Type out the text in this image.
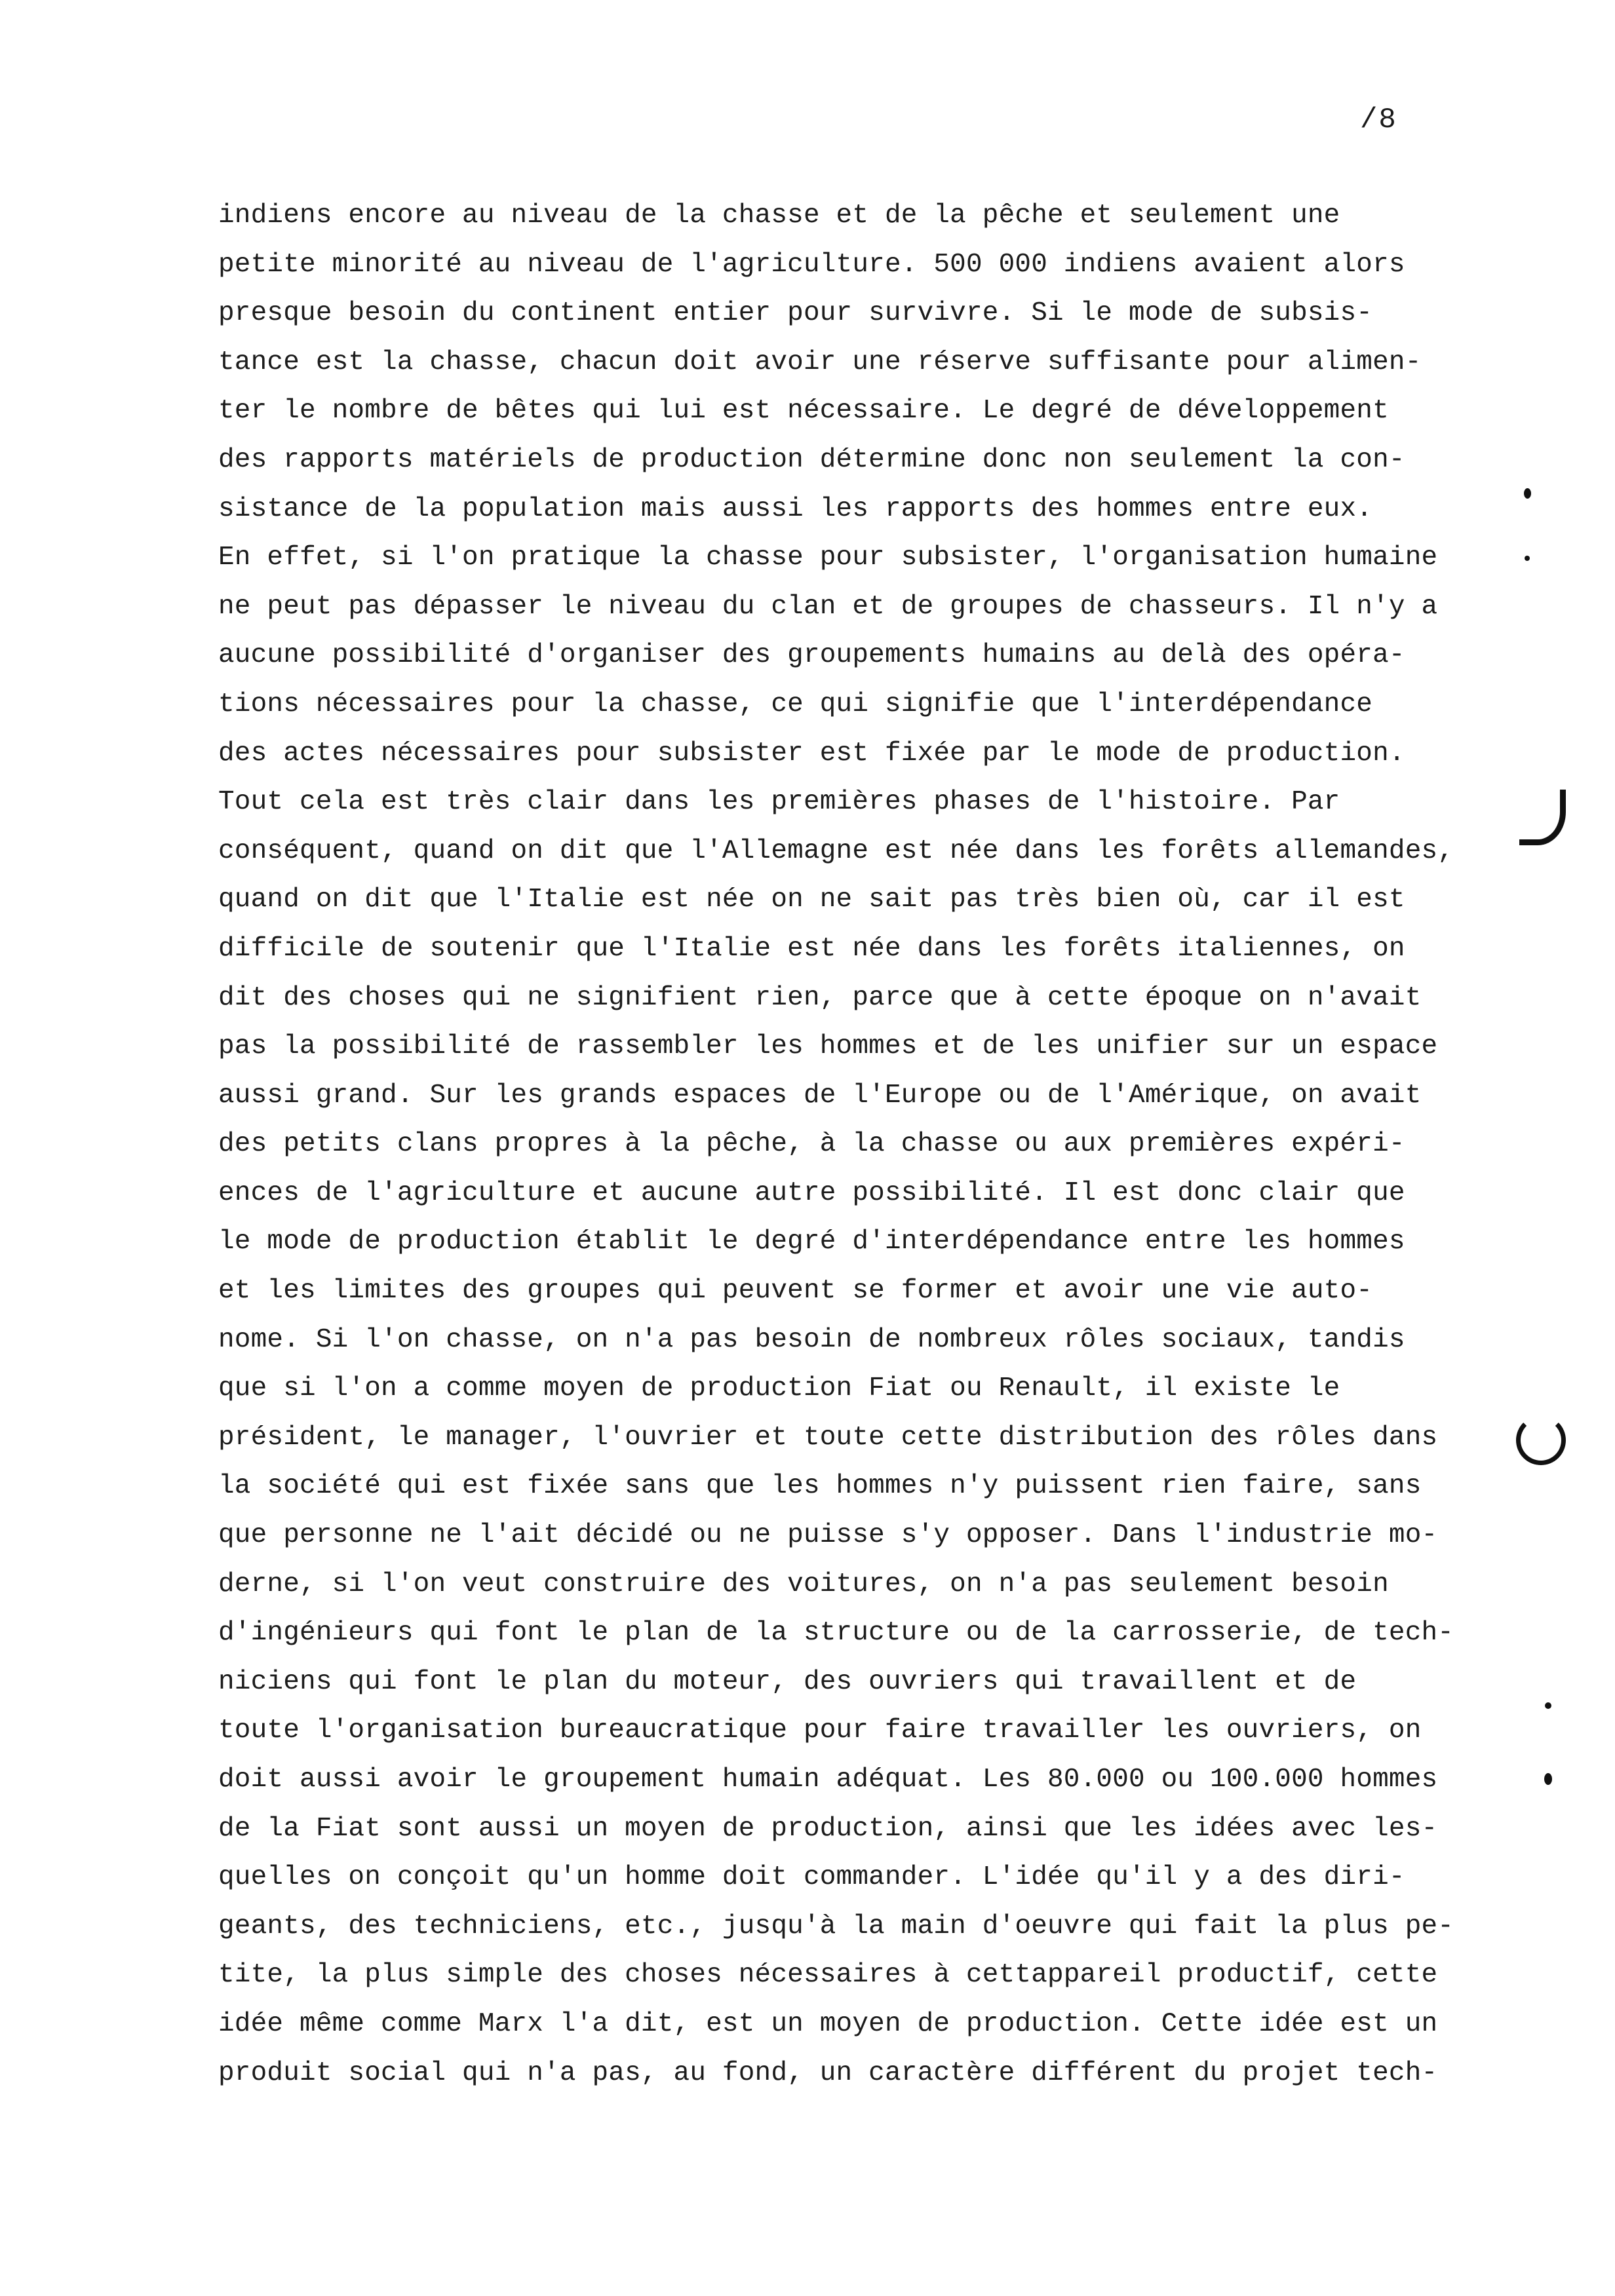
/8
indiens encore au niveau de la chasse et de la pêche et seulement une
petite minorité au niveau de l'agriculture. 500 000 indiens avaient alors
presque besoin du continent entier pour survivre. Si le mode de subsis-
tance est la chasse, chacun doit avoir une réserve suffisante pour alimen-
ter le nombre de bêtes qui lui est nécessaire. Le degré de développement
des rapports matériels de production détermine donc non seulement la con-
sistance de la population mais aussi les rapports des hommes entre eux.
En effet, si l'on pratique la chasse pour subsister, l'organisation humaine
ne peut pas dépasser le niveau du clan et de groupes de chasseurs. Il n'y a
aucune possibilité d'organiser des groupements humains au delà des opéra-
tions nécessaires pour la chasse, ce qui signifie que l'interdépendance
des actes nécessaires pour subsister est fixée par le mode de production.
Tout cela est très clair dans les premières phases de l'histoire. Par
conséquent, quand on dit que l'Allemagne est née dans les forêts allemandes,
quand on dit que l'Italie est née on ne sait pas très bien où, car il est
difficile de soutenir que l'Italie est née dans les forêts italiennes, on
dit des choses qui ne signifient rien, parce que à cette époque on n'avait
pas la possibilité de rassembler les hommes et de les unifier sur un espace
aussi grand. Sur les grands espaces de l'Europe ou de l'Amérique, on avait
des petits clans propres à la pêche, à la chasse ou aux premières expéri-
ences de l'agriculture et aucune autre possibilité. Il est donc clair que
le mode de production établit le degré d'interdépendance entre les hommes
et les limites des groupes qui peuvent se former et avoir une vie auto-
nome. Si l'on chasse, on n'a pas besoin de nombreux rôles sociaux, tandis
que si l'on a comme moyen de production Fiat ou Renault, il existe le
président, le manager, l'ouvrier et toute cette distribution des rôles dans
la société qui est fixée sans que les hommes n'y puissent rien faire, sans
que personne ne l'ait décidé ou ne puisse s'y opposer. Dans l'industrie mo-
derne, si l'on veut construire des voitures, on n'a pas seulement besoin
d'ingénieurs qui font le plan de la structure ou de la carrosserie, de tech-
niciens qui font le plan du moteur, des ouvriers qui travaillent et de
toute l'organisation bureaucratique pour faire travailler les ouvriers, on
doit aussi avoir le groupement humain adéquat. Les 80.000 ou 100.000 hommes
de la Fiat sont aussi un moyen de production, ainsi que les idées avec les-
quelles on conçoit qu'un homme doit commander. L'idée qu'il y a des diri-
geants, des techniciens, etc., jusqu'à la main d'oeuvre qui fait la plus pe-
tite, la plus simple des choses nécessaires à cettappareil productif, cette
idée même comme Marx l'a dit, est un moyen de production. Cette idée est un
produit social qui n'a pas, au fond, un caractère différent du projet tech-
